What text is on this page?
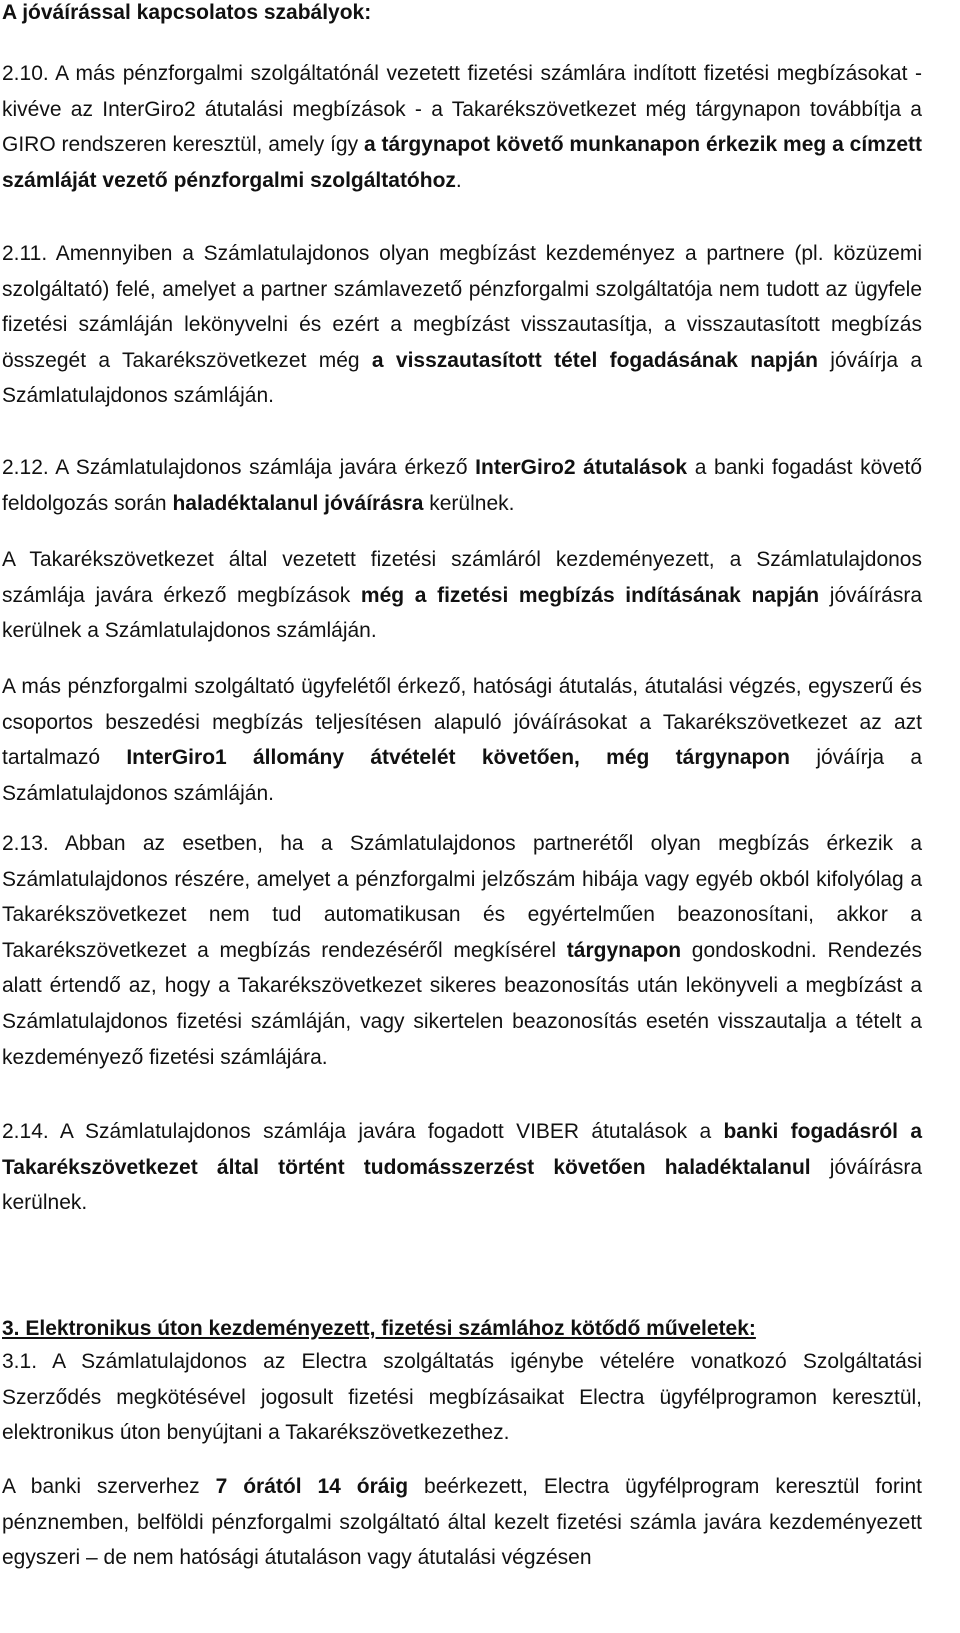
A jóváírással kapcsolatos szabályok:

2.10. A más pénzforgalmi szolgáltatónál vezetett fizetési számlára indított fizetési megbízásokat - kivéve az InterGiro2 átutalási megbízások - a Takarékszövetkezet még tárgynapon továbbítja a GIRO rendszeren keresztül, amely így a tárgynapot követő munkanapon érkezik meg a címzett számláját vezető pénzforgalmi szolgáltatóhoz.

2.11. Amennyiben a Számlatulajdonos olyan megbízást kezdeményez a partnere (pl. közüzemi szolgáltató) felé, amelyet a partner számlavezető pénzforgalmi szolgáltatója nem tudott az ügyfele fizetési számláján lekönyvelni és ezért a megbízást visszautasítja, a visszautasított megbízás összegét a Takarékszövetkezet még a visszautasított tétel fogadásának napján jóváírja a Számlatulajdonos számláján.

2.12. A Számlatulajdonos számlája javára érkező InterGiro2 átutalások a banki fogadást követő feldolgozás során haladéktalanul jóváírásra kerülnek.

A Takarékszövetkezet által vezetett fizetési számláról kezdeményezett, a Számlatulajdonos számlája javára érkező megbízások még a fizetési megbízás indításának napján jóváírásra kerülnek a Számlatulajdonos számláján.

A más pénzforgalmi szolgáltató ügyfelétől érkező, hatósági átutalás, átutalási végzés, egyszerű és csoportos beszedési megbízás teljesítésen alapuló jóváírásokat a Takarékszövetkezet az azt tartalmazó InterGiro1 állomány átvételét követően, még tárgynapon jóváírja a Számlatulajdonos számláján.

2.13. Abban az esetben, ha a Számlatulajdonos partnerétől olyan megbízás érkezik a Számlatulajdonos részére, amelyet a pénzforgalmi jelzőszám hibája vagy egyéb okból kifolyólag a Takarékszövetkezet nem tud automatikusan és egyértelműen beazonosítani, akkor a Takarékszövetkezet a megbízás rendezéséről megkísérel tárgynapon gondoskodni. Rendezés alatt értendő az, hogy a Takarékszövetkezet sikeres beazonosítás után lekönyveli a megbízást a Számlatulajdonos fizetési számláján, vagy sikertelen beazonosítás esetén visszautalja a tételt a kezdeményező fizetési számlájára.

2.14. A Számlatulajdonos számlája javára fogadott VIBER átutalások a banki fogadásról a Takarékszövetkezet által történt tudomásszerzést követően haladéktalanul jóváírásra kerülnek.

3. Elektronikus úton kezdeményezett, fizetési számlához kötődő műveletek:

3.1. A Számlatulajdonos az Electra szolgáltatás igénybe vételére vonatkozó Szolgáltatási Szerződés megkötésével jogosult fizetési megbízásaikat Electra ügyfélprogramon keresztül, elektronikus úton benyújtani a Takarékszövetkezethez.

A banki szerverhez 7 órától 14 óráig beérkezett, Electra ügyfélprogram keresztül forint pénznemben, belföldi pénzforgalmi szolgáltató által kezelt fizetési számla javára kezdeményezett egyszeri – de nem hatósági átutaláson vagy átutalási végzésen
